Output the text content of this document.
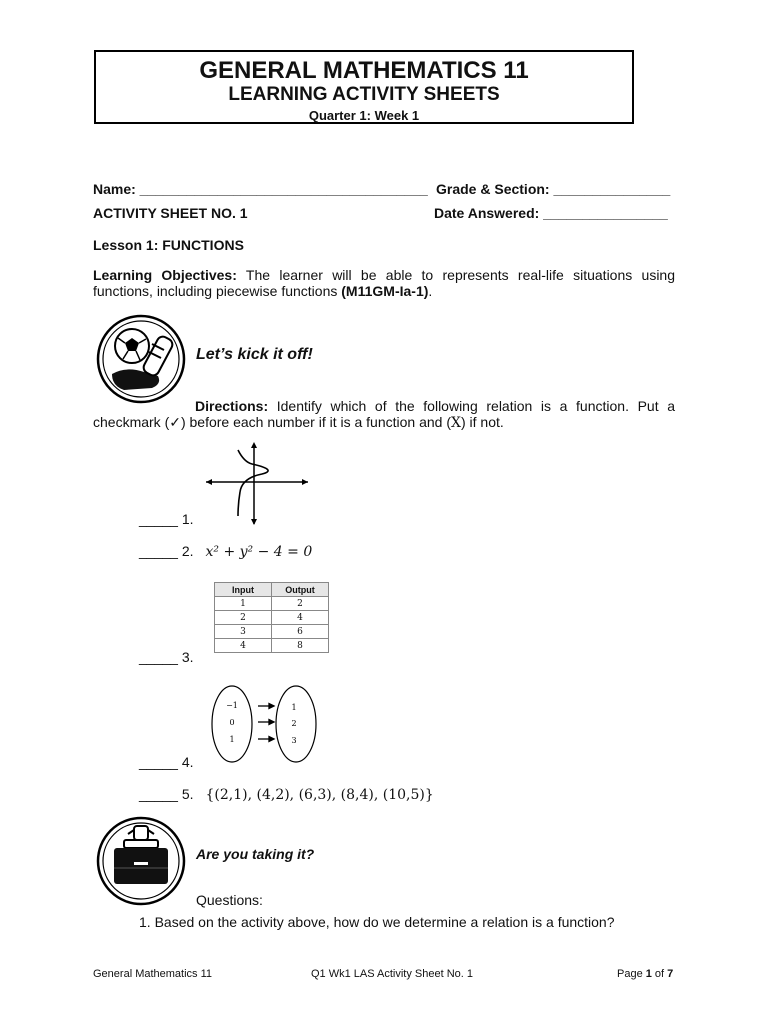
GENERAL MATHEMATICS 11
LEARNING ACTIVITY SHEETS
Quarter 1: Week 1
Name: _____________________________________ Grade & Section: _______________
ACTIVITY SHEET NO. 1	Date Answered: ________________
Lesson 1: FUNCTIONS
Learning Objectives: The learner will be able to represents real-life situations using functions, including piecewise functions (M11GM-Ia-1).
Let’s kick it off!
Directions: Identify which of the following relation is a function. Put a checkmark (✓) before each number if it is a function and (X) if not.
_____ 1.
_____ 2. x² + y² − 4 = 0
Input	Output
1	2
2	4
3	6
4	8
_____ 3.
−1
0
1
1
2
3
_____ 4.
_____ 5. {(2,1), (4,2), (6,3), (8,4), (10,5)}
Are you taking it?
Questions:
1. Based on the activity above, how do we determine a relation is a function?
General Mathematics 11	Q1 Wk1 LAS Activity Sheet No. 1	Page 1 of 7
